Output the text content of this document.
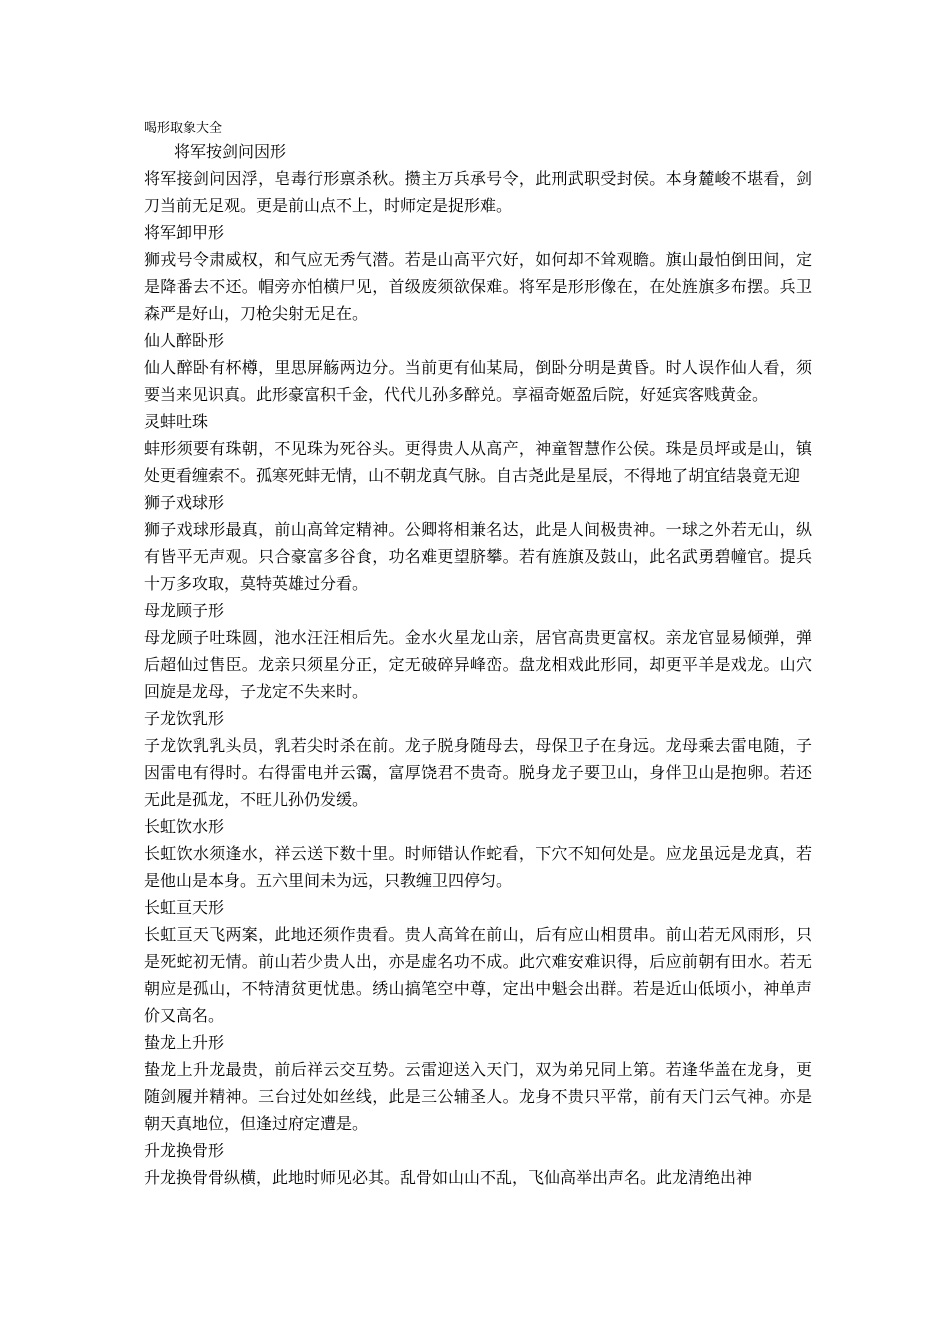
喝形取象大全
将军按剑问因形

将军接剑问因浮，皂毒行形禀杀秋。攒主万兵承号令，此刑武职受封侯。本身麓峻不堪看，剑刀当前无足观。更是前山点不上，时师定是捉形难。

将军卸甲形

狮戎号令肃威权，和气应无秀气潜。若是山高平穴好，如何却不耸观瞻。旗山最怕倒田间，定是降番去不还。帽旁亦怕横尸见，首级废须欲保难。将军是形形像在，在处旌旗多布摆。兵卫森严是好山，刀枪尖射无足在。

仙人醉卧形

仙人醉卧有杯樽，里思屏觞两边分。当前更有仙某局，倒卧分明是黄昏。时人误作仙人看，须要当来见识真。此形豪富积千金，代代儿孙多醉兑。享福奇姬盈后院，好延宾客贱黄金。

灵蚌吐珠

蚌形须要有珠朝，不见珠为死谷头。更得贵人从高产，神童智慧作公侯。珠是员坪或是山，镇处更看缠索不。孤寒死蚌无情，山不朝龙真气脉。自古尧此是星辰，不得地了胡宜结袅竟无迎

狮子戏球形

狮子戏球形最真，前山高耸定精神。公卿将相兼名达，此是人间极贵神。一球之外若无山，纵有皆平无声观。只合豪富多谷食，功名难更望脐攀。若有旌旗及鼓山，此名武勇碧幢官。提兵十万多攻取，莫特英雄过分看。

母龙顾子形

母龙顾子吐珠圆，池水汪汪相后先。金水火星龙山亲，居官高贵更富权。亲龙官显易倾弹，弹后超仙过售臣。龙亲只须星分正，定无破碎异峰峦。盘龙相戏此形同，却更平羊是戏龙。山穴回旋是龙母，子龙定不失来时。

子龙饮乳形

子龙饮乳乳头员，乳若尖时杀在前。龙子脱身随母去，母保卫子在身远。龙母乘去雷电随，子因雷电有得时。右得雷电并云霭，富厚饶君不贵奇。脱身龙子要卫山，身伴卫山是抱卵。若还无此是孤龙，不旺儿孙仍发缓。

长虹饮水形

长虹饮水须逢水，祥云送下数十里。时师错认作蛇看，下穴不知何处是。应龙虽远是龙真，若是他山是本身。五六里间未为远，只教缠卫四停匀。

长虹亘天形

长虹亘天飞两案，此地还须作贵看。贵人高耸在前山，后有应山相贯串。前山若无风雨形，只是死蛇初无情。前山若少贵人出，亦是虚名功不成。此穴难安难识得，后应前朝有田水。若无朝应是孤山，不特清贫更忧患。绣山搞笔空中尊，定出中魁会出群。若是近山低顷小，神单声价又高名。

蛰龙上升形

蛰龙上升龙最贵，前后祥云交互势。云雷迎送入天门，双为弟兄同上第。若逢华盖在龙身，更随剑履并精神。三台过处如丝线，此是三公辅圣人。龙身不贵只平常，前有天门云气神。亦是朝天真地位，但逢过府定遭是。

升龙换骨形

升龙换骨骨纵横，此地时师见必其。乱骨如山山不乱，飞仙高举出声名。此龙清绝出神
